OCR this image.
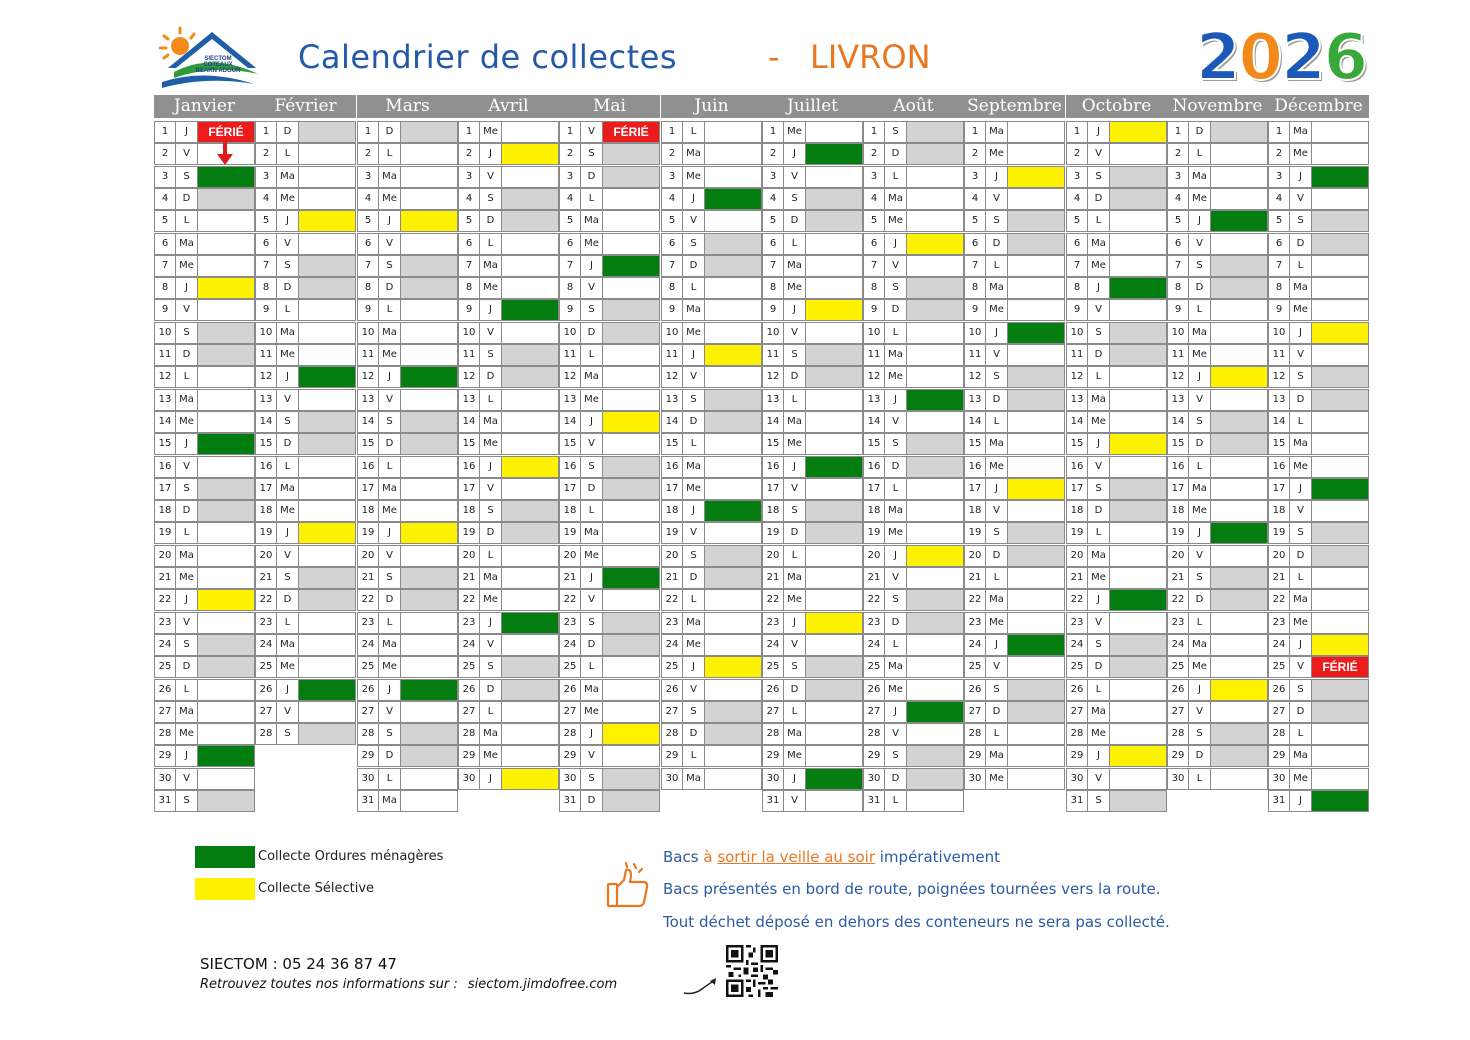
SIECTOM
COTEAUX
BEARN ADOUR Calendrier de collectes	- LIVRON	2026
Janvier
1	J	FÉRIÉ
2	V
3	S
4	D
5	L
6	Ma
7	Me
8	J
9	V
10	S
11	D
12	L
13 Ma
14 Me
15	J
16	V
17	S
18	D
19	L
20 Ma
21 Me
22	J
23	V
24	S
25	D
26	L
27 Ma
28 Me
29	J
30	V
31	S
Février
1	D
2	L
3	Ma
4	Me
5	J
6	V
7	S
8	D
9	L
10 Ma
11 Me
12	J
13	V
14	S
15	D
16	L
17 Ma
18 Me
19	J
20	V
21	S
22	D
23	L
24 Ma
25 Me
26	J
27	V
28	S
Mars
1	D
2	L
3	Ma
4	Me
5	J
6	V
7	S
8	D
9	L
10 Ma
11 Me
12	J
13	V
14	S
15	D
16	L
17 Ma
18 Me
19	J
20	V
21	S
22	D
23	L
24 Ma
25 Me
26	J
27	V
28	S
29	D
30	L
31 Ma
Avril
1	Me
2	J
3	V
4	S
5	D
6	L
7	Ma
8	Me
9	J
10	V
11	S
12	D
13	L
14 Ma
15 Me
16	J
17	V
18	S
19	D
20	L
21 Ma
22 Me
23	J
24	V
25	S
26	D
27	L
28 Ma
29 Me
30	J
Mai
1	V	FÉRIÉ
2	S
3	D
4	L
5	Ma
6	Me
7	J
8	V
9	S
10	D
11	L
12 Ma
13 Me
14	J
15	V
16	S
17	D
18	L
19 Ma
20 Me
21	J
22	V
23	S
24	D
25	L
26 Ma
27 Me
28	J
29	V
30	S
31	D
Juin
1	L
2	Ma
3	Me
4	J
5	V
6	S
7	D
8	L
9	Ma
10 Me
11	J
12	V
13	S
14	D
15	L
16 Ma
17 Me
18	J
19	V
20	S
21	D
22	L
23 Ma
24 Me
25	J
26	V
27	S
28	D
29	L
30 Ma
Juillet
1	Me
2	J
3	V
4	S
5	D
6	L
7	Ma
8	Me
9	J
10	V
11	S
12	D
13	L
14 Ma
15 Me
16	J
17	V
18	S
19	D
20	L
21 Ma
22 Me
23	J
24	V
25	S
26	D
27	L
28 Ma
29 Me
30	J
31	V
Août
1	S
2	D
3	L
4	Ma
5	Me
6	J
7	V
8	S
9	D
10	L
11 Ma
12 Me
13	J
14	V
15	S
16	D
17	L
18 Ma
19 Me
20	J
21	V
22	S
23	D
24	L
25 Ma
26 Me
27	J
28	V
29	S
30	D
31	L
Septembre
1	Ma
2	Me
3	J
4	V
5	S
6	D
7	L
8	Ma
9	Me
10	J
11	V
12	S
13	D
14	L
15 Ma
16 Me
17	J
18	V
19	S
20	D
21	L
22 Ma
23 Me
24	J
25	V
26	S
27	D
28	L
29 Ma
30 Me
Octobre
1	J
2	V
3	S
4	D
5	L
6	Ma
7	Me
8	J
9	V
10	S
11	D
12	L
13 Ma
14 Me
15	J
16	V
17	S
18	D
19	L
20 Ma
21 Me
22	J
23	V
24	S
25	D
26	L
27 Ma
28 Me
29	J
30	V
31	S
Novembre
1	D
2	L
3	Ma
4	Me
5	J
6	V
7	S
8	D
9	L
10 Ma
11 Me
12	J
13	V
14	S
15	D
16	L
17 Ma
18 Me
19	J
20	V
21	S
22	D
23	L
24 Ma
25 Me
26	J
27	V
28	S
29	D
30	L
Décembre
1	Ma
2	Me
3	J
4	V
5	S
6	D
7	L
8	Ma
9	Me
10	J
11	V
12	S
13	D
14	L
15 Ma
16 Me
17	J
18	V
19	S
20	D
21	L
22 Ma
23 Me
24	J
25	V	FÉRIÉ
26	S
27	D
28	L
29 Ma
30 Me
31	J
Collecte Ordures ménagères
Collecte Sélective
Bacs à sortir la veille au soir impérativement
Bacs présentés en bord de route, poignées tournées vers la route.
Tout déchet déposé en dehors des conteneurs ne sera pas collecté.
SIECTOM : 05 24 36 87 47
Retrouvez toutes nos informations sur : siectom.jimdofree.com
